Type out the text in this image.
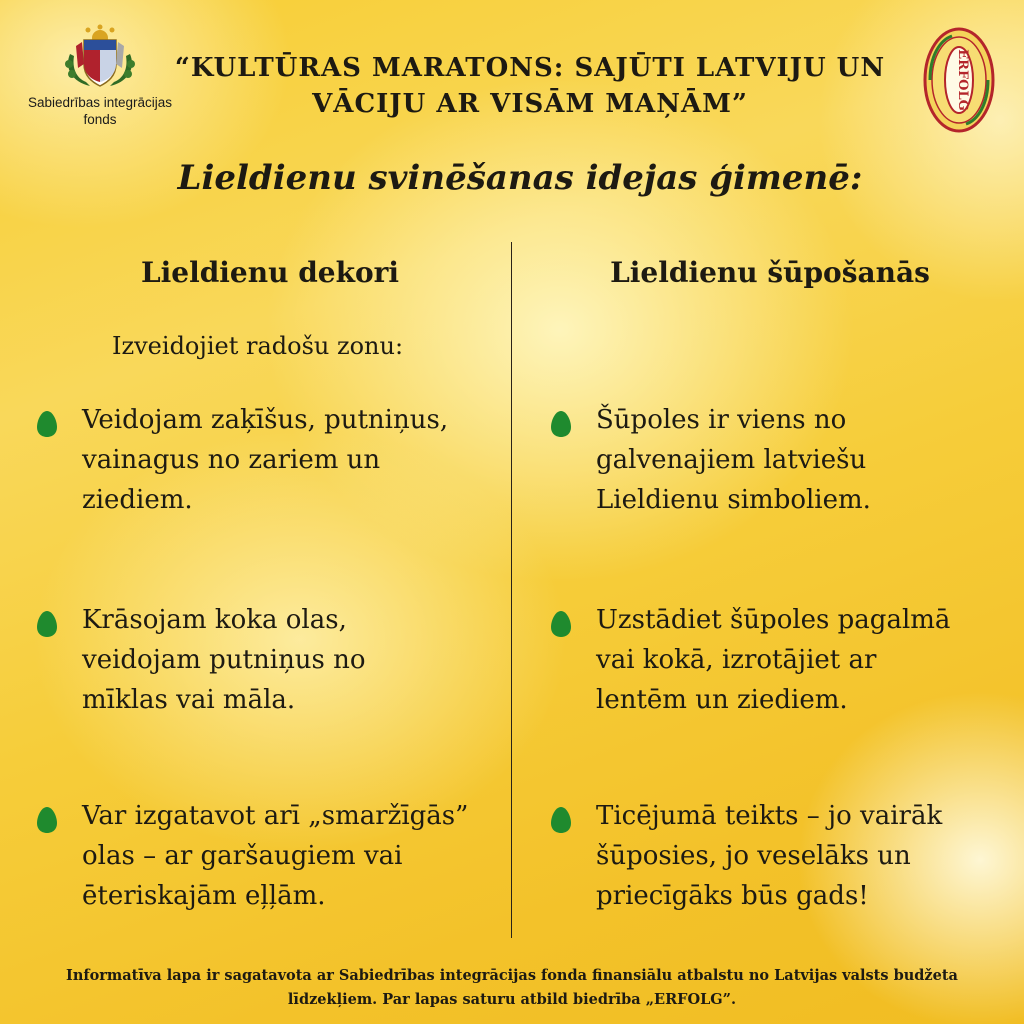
Sabiedrības integrācijas fonds
ERFOLG
“KULTŪRAS MARATONS: SAJŪTI LATVIJU UN
VĀCIJU AR VISĀM MAŅĀM”
Lieldienu svinēšanas idejas ģimenē:
Lieldienu dekori
Izveidojiet radošu zonu:
Veidojam zaķīšus, putniņus,
vainagus no zariem un
ziediem.
Krāsojam koka olas,
veidojam putniņus no
mīklas vai māla.
Var izgatavot arī „smaržīgās”
olas – ar garšaugiem vai
ēteriskajām eļļām.
Lieldienu šūpošanās
Šūpoles ir viens no
galvenajiem latviešu
Lieldienu simboliem.
Uzstādiet šūpoles pagalmā
vai kokā, izrotājiet ar
lentēm un ziediem.
Ticējumā teikts – jo vairāk
šūposies, jo veselāks un
priecīgāks būs gads!
Informatīva lapa ir sagatavota ar Sabiedrības integrācijas fonda finansiālu atbalstu no Latvijas valsts budžeta
līdzekļiem. Par lapas saturu atbild biedrība „ERFOLG”.
